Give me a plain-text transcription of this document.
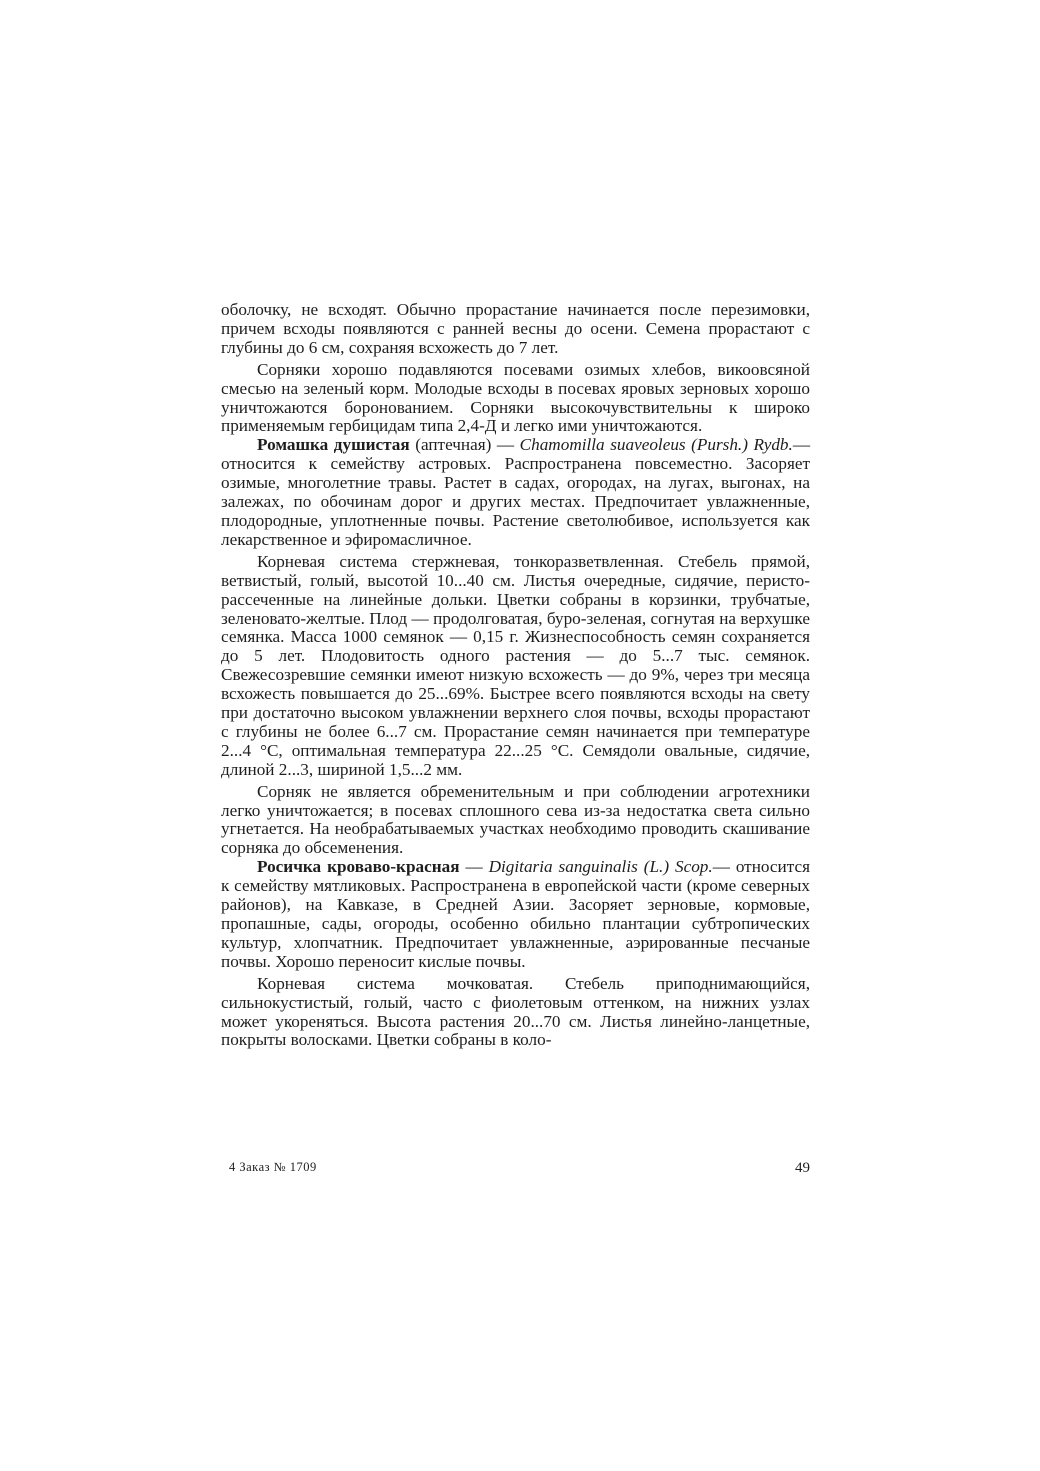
оболочку, не всходят. Обычно прорастание начинается после перезимовки, причем всходы появляются с ранней весны до осени. Семена прорастают с глубины до 6 см, сохраняя всхожесть до 7 лет.

Сорняки хорошо подавляются посевами озимых хлебов, викоовсяной смесью на зеленый корм. Молодые всходы в посевах яровых зерновых хорошо уничтожаются боронованием. Сорняки высокочувствительны к широко применяемым гербицидам типа 2,4-Д и легко ими уничтожаются.

Ромашка душистая (аптечная) — Chamomilla suaveoleus (Pursh.) Rydb.— относится к семейству астровых. Распространена повсеместно. Засоряет озимые, многолетние травы. Растет в садах, огородах, на лугах, выгонах, на залежах, по обочинам дорог и других местах. Предпочитает увлажненные, плодородные, уплотненные почвы. Растение светолюбивое, используется как лекарственное и эфиромасличное.

Корневая система стержневая, тонкоразветвленная. Стебель прямой, ветвистый, голый, высотой 10...40 см. Листья очередные, сидячие, перисто-рассеченные на линейные дольки. Цветки собраны в корзинки, трубчатые, зеленовато-желтые. Плод — продолговатая, буро-зеленая, согнутая на верхушке семянка. Масса 1000 семянок — 0,15 г. Жизнеспособность семян сохраняется до 5 лет. Плодовитость одного растения — до 5...7 тыс. семянок. Свежесозревшие семянки имеют низкую всхожесть — до 9%, через три месяца всхожесть повышается до 25...69%. Быстрее всего появляются всходы на свету при достаточно высоком увлажнении верхнего слоя почвы, всходы прорастают с глубины не более 6...7 см. Прорастание семян начинается при температуре 2...4 °С, оптимальная температура 22...25 °С. Семядоли овальные, сидячие, длиной 2...3, шириной 1,5...2 мм.

Сорняк не является обременительным и при соблюдении агротехники легко уничтожается; в посевах сплошного сева из-за недостатка света сильно угнетается. На необрабатываемых участках необходимо проводить скашивание сорняка до обсеменения.

Росичка кроваво-красная — Digitaria sanguinalis (L.) Scop.— относится к семейству мятликовых. Распространена в европейской части (кроме северных районов), на Кавказе, в Средней Азии. Засоряет зерновые, кормовые, пропашные, сады, огороды, особенно обильно плантации субтропических культур, хлопчатник. Предпочитает увлажненные, аэрированные песчаные почвы. Хорошо переносит кислые почвы.

Корневая система мочковатая. Стебель приподнимающийся, сильнокустистый, голый, часто с фиолетовым оттенком, на нижних узлах может укореняться. Высота растения 20...70 см. Листья линейно-ланцетные, покрыты волосками. Цветки собраны в коло-

4 Заказ № 1709	49
